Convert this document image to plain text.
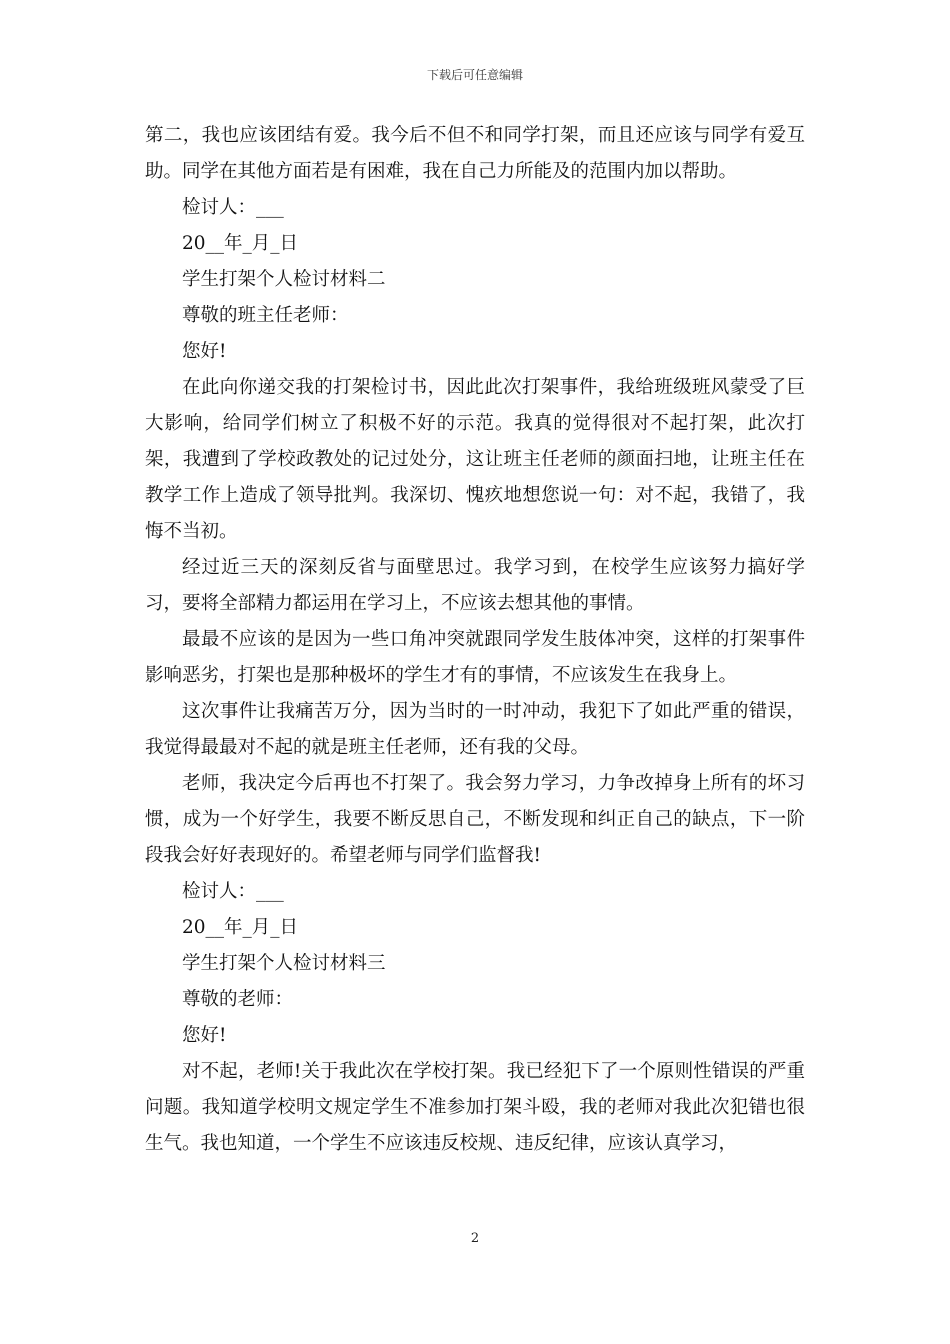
下载后可任意编辑

第二，我也应该团结有爱。我今后不但不和同学打架，而且还应该与同学有爱互助。同学在其他方面若是有困难，我在自己力所能及的范围内加以帮助。

检讨人：___

20__年_月_日

学生打架个人检讨材料二

尊敬的班主任老师：

您好!

在此向你递交我的打架检讨书，因此此次打架事件，我给班级班风蒙受了巨大影响，给同学们树立了积极不好的示范。我真的觉得很对不起打架，此次打架，我遭到了学校政教处的记过处分，这让班主任老师的颜面扫地，让班主任在教学工作上造成了领导批判。我深切、愧疚地想您说一句：对不起，我错了，我悔不当初。

经过近三天的深刻反省与面壁思过。我学习到，在校学生应该努力搞好学习，要将全部精力都运用在学习上，不应该去想其他的事情。

最最不应该的是因为一些口角冲突就跟同学发生肢体冲突，这样的打架事件影响恶劣，打架也是那种极坏的学生才有的事情，不应该发生在我身上。

这次事件让我痛苦万分，因为当时的一时冲动，我犯下了如此严重的错误，我觉得最最对不起的就是班主任老师，还有我的父母。

老师，我决定今后再也不打架了。我会努力学习，力争改掉身上所有的坏习惯，成为一个好学生，我要不断反思自己，不断发现和纠正自己的缺点，下一阶段我会好好表现好的。希望老师与同学们监督我!

检讨人：___

20__年_月_日

学生打架个人检讨材料三

尊敬的老师：

您好!

对不起，老师!关于我此次在学校打架。我已经犯下了一个原则性错误的严重问题。我知道学校明文规定学生不准参加打架斗殴，我的老师对我此次犯错也很生气。我也知道，一个学生不应该违反校规、违反纪律，应该认真学习，

2
